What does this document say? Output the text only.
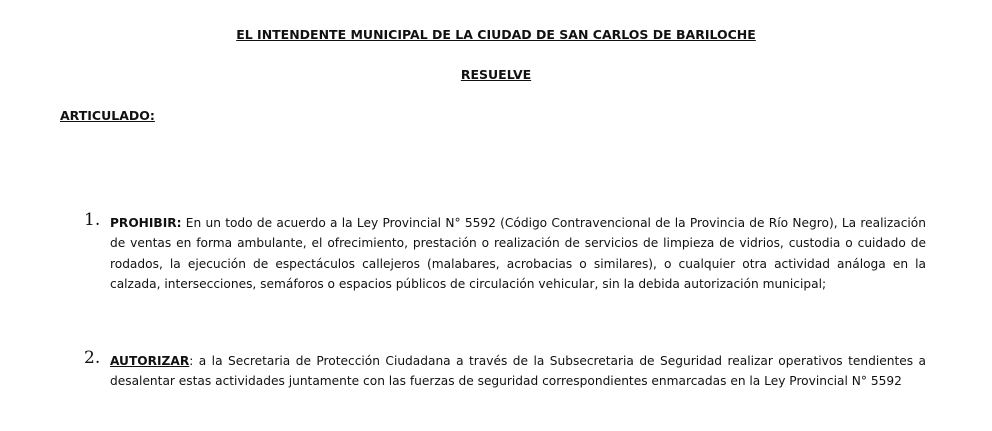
EL INTENDENTE MUNICIPAL DE LA CIUDAD DE SAN CARLOS DE BARILOCHE
RESUELVE
ARTICULADO:
1. PROHIBIR: En un todo de acuerdo a la Ley Provincial N° 5592 (Código Contravencional de la Provincia de Río Negro), La realización de ventas en forma ambulante, el ofrecimiento, prestación o realización de servicios de limpieza de vidrios, custodia o cuidado de rodados, la ejecución de espectáculos callejeros (malabares, acrobacias o similares), o cualquier otra actividad análoga en la calzada, intersecciones, semáforos o espacios públicos de circulación vehicular, sin la debida autorización municipal;
2. AUTORIZAR: a la Secretaria de Protección Ciudadana a través de la Subsecretaria de Seguridad realizar operativos tendientes a desalentar estas actividades juntamente con las fuerzas de seguridad correspondientes enmarcadas en la Ley Provincial N° 5592
